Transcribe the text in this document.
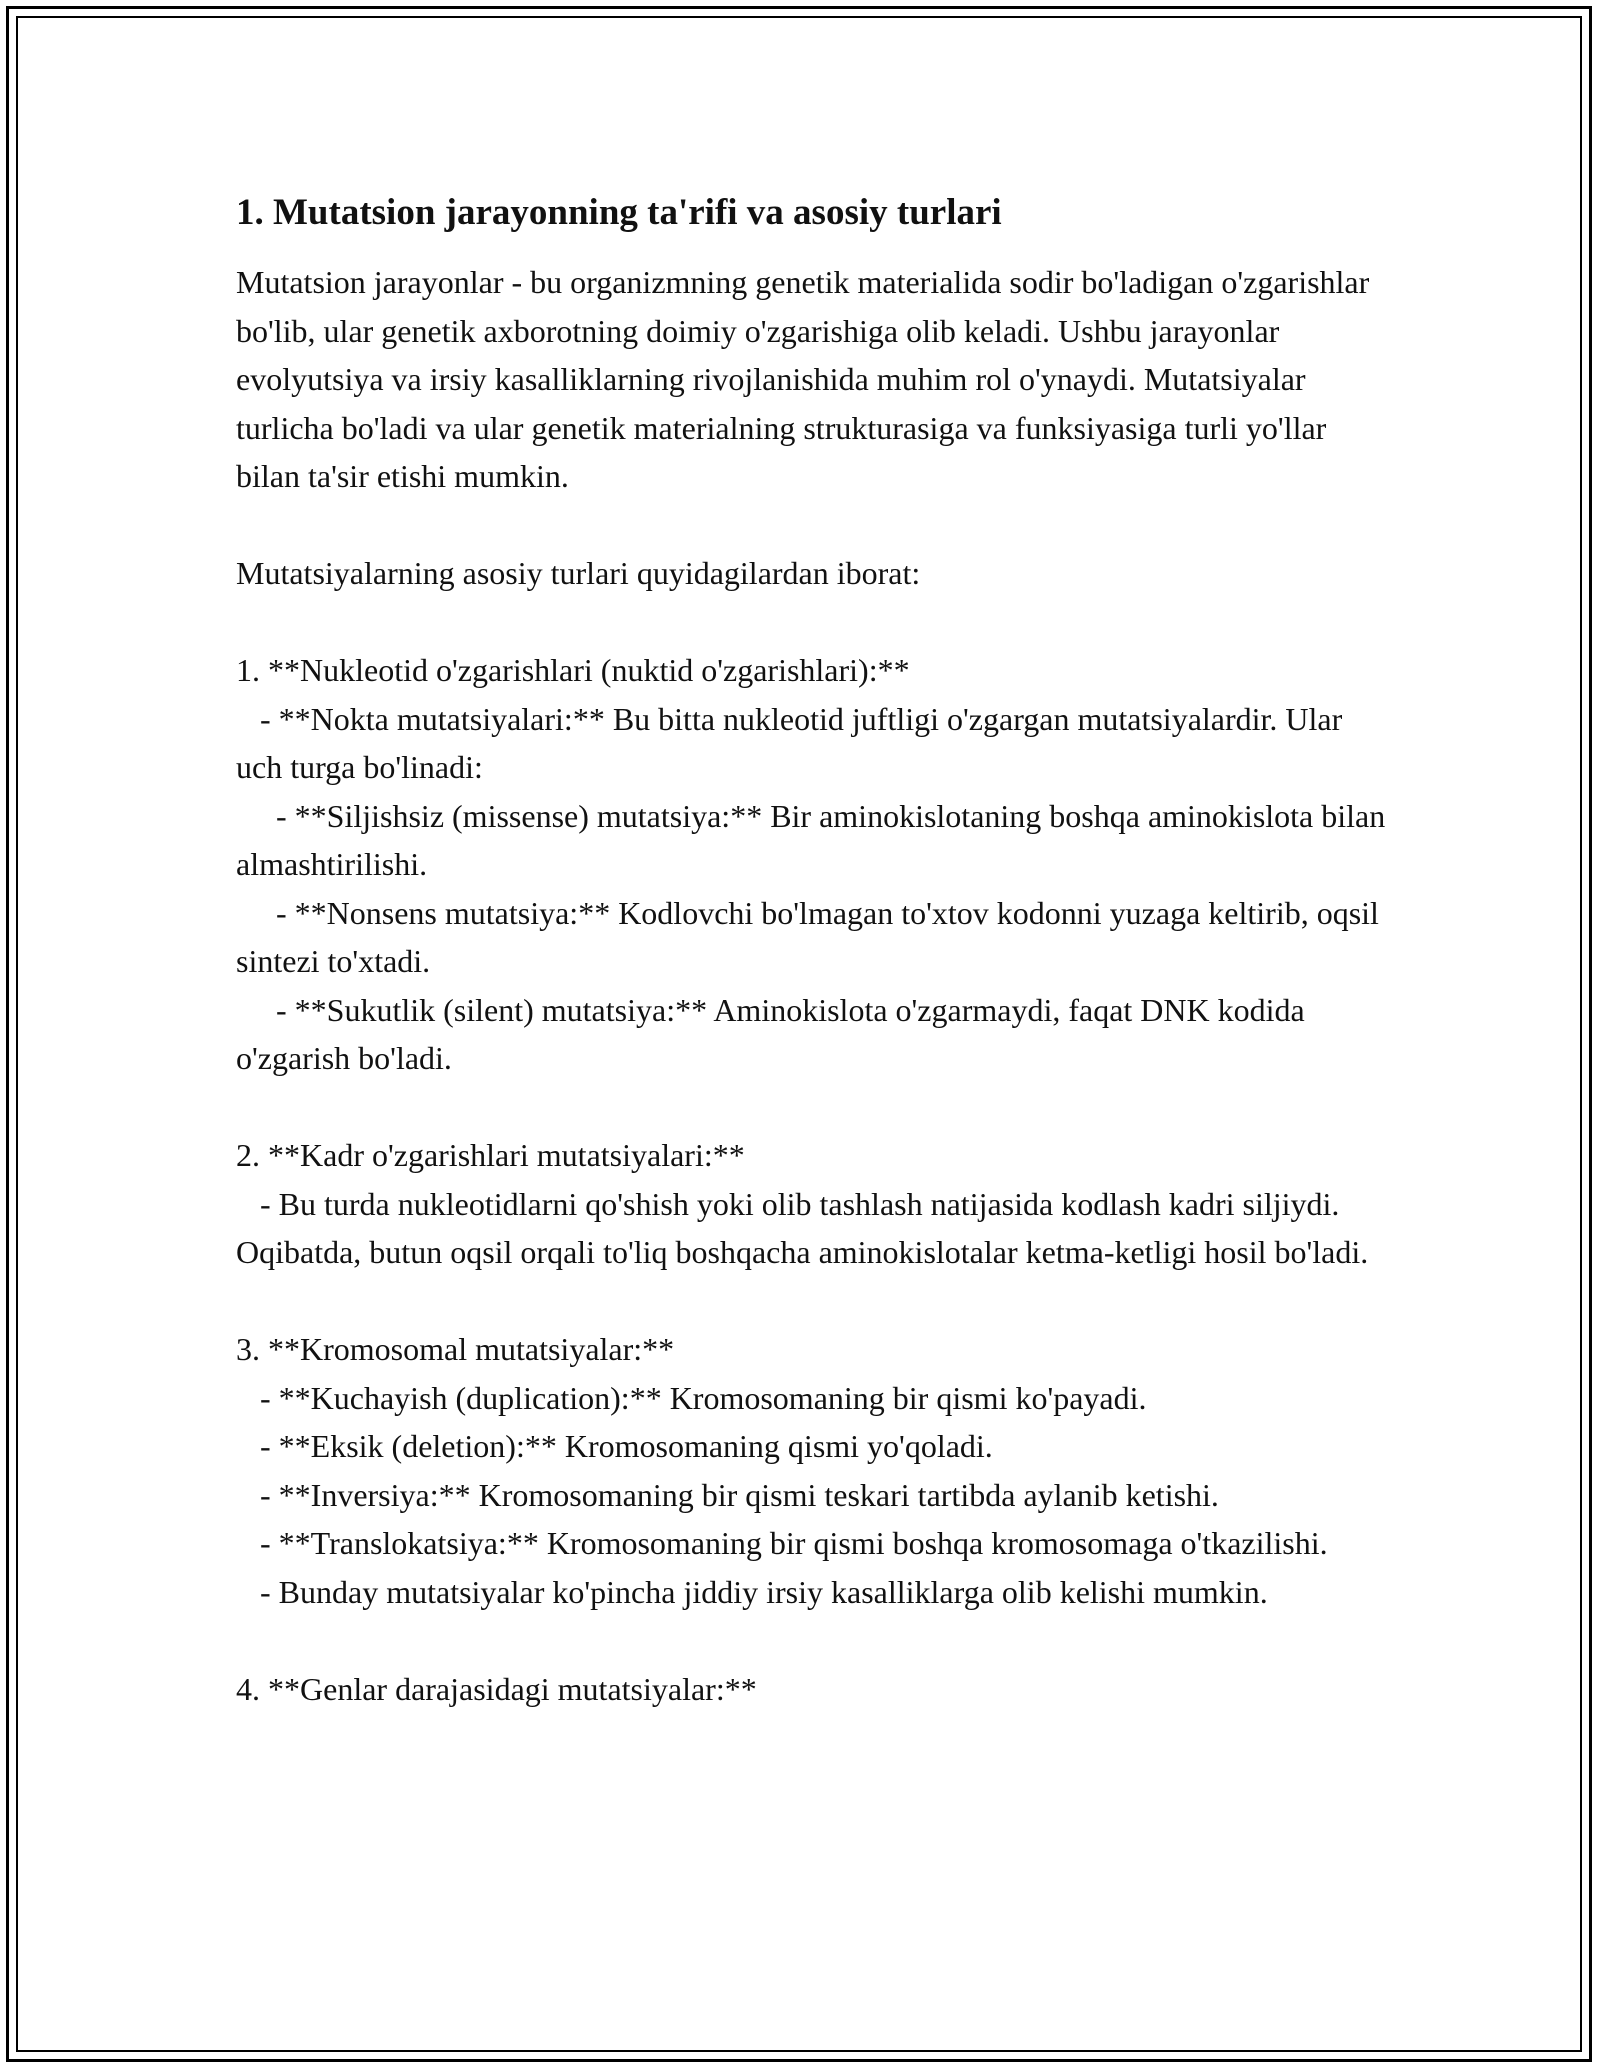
1. Mutatsion jarayonning ta'rifi va asosiy turlari

Mutatsion jarayonlar - bu organizmning genetik materialida sodir bo'ladigan o'zgarishlar bo'lib, ular genetik axborotning doimiy o'zgarishiga olib keladi. Ushbu jarayonlar evolyutsiya va irsiy kasalliklarning rivojlanishida muhim rol o'ynaydi. Mutatsiyalar turlicha bo'ladi va ular genetik materialning strukturasiga va funksiyasiga turli yo'llar bilan ta'sir etishi mumkin.

Mutatsiyalarning asosiy turlari quyidagilardan iborat:

1. **Nukleotid o'zgarishlari (nuktid o'zgarishlari):**
- **Nokta mutatsiyalari:** Bu bitta nukleotid juftligi o'zgargan mutatsiyalardir. Ular uch turga bo'linadi:
- **Siljishsiz (missense) mutatsiya:** Bir aminokislotaning boshqa aminokislota bilan almashtirilishi.
- **Nonsens mutatsiya:** Kodlovchi bo'lmagan to'xtov kodonni yuzaga keltirib, oqsil sintezi to'xtadi.
- **Sukutlik (silent) mutatsiya:** Aminokislota o'zgarmaydi, faqat DNK kodida o'zgarish bo'ladi.

2. **Kadr o'zgarishlari mutatsiyalari:**
- Bu turda nukleotidlarni qo'shish yoki olib tashlash natijasida kodlash kadri siljiydi. Oqibatda, butun oqsil orqali to'liq boshqacha aminokislotalar ketma-ketligi hosil bo'ladi.

3. **Kromosomal mutatsiyalar:**
- **Kuchayish (duplication):** Kromosomaning bir qismi ko'payadi.
- **Eksik (deletion):** Kromosomaning qismi yo'qoladi.
- **Inversiya:** Kromosomaning bir qismi teskari tartibda aylanib ketishi.
- **Translokatsiya:** Kromosomaning bir qismi boshqa kromosomaga o'tkazilishi.
- Bunday mutatsiyalar ko'pincha jiddiy irsiy kasalliklarga olib kelishi mumkin.

4. **Genlar darajasidagi mutatsiyalar:**
